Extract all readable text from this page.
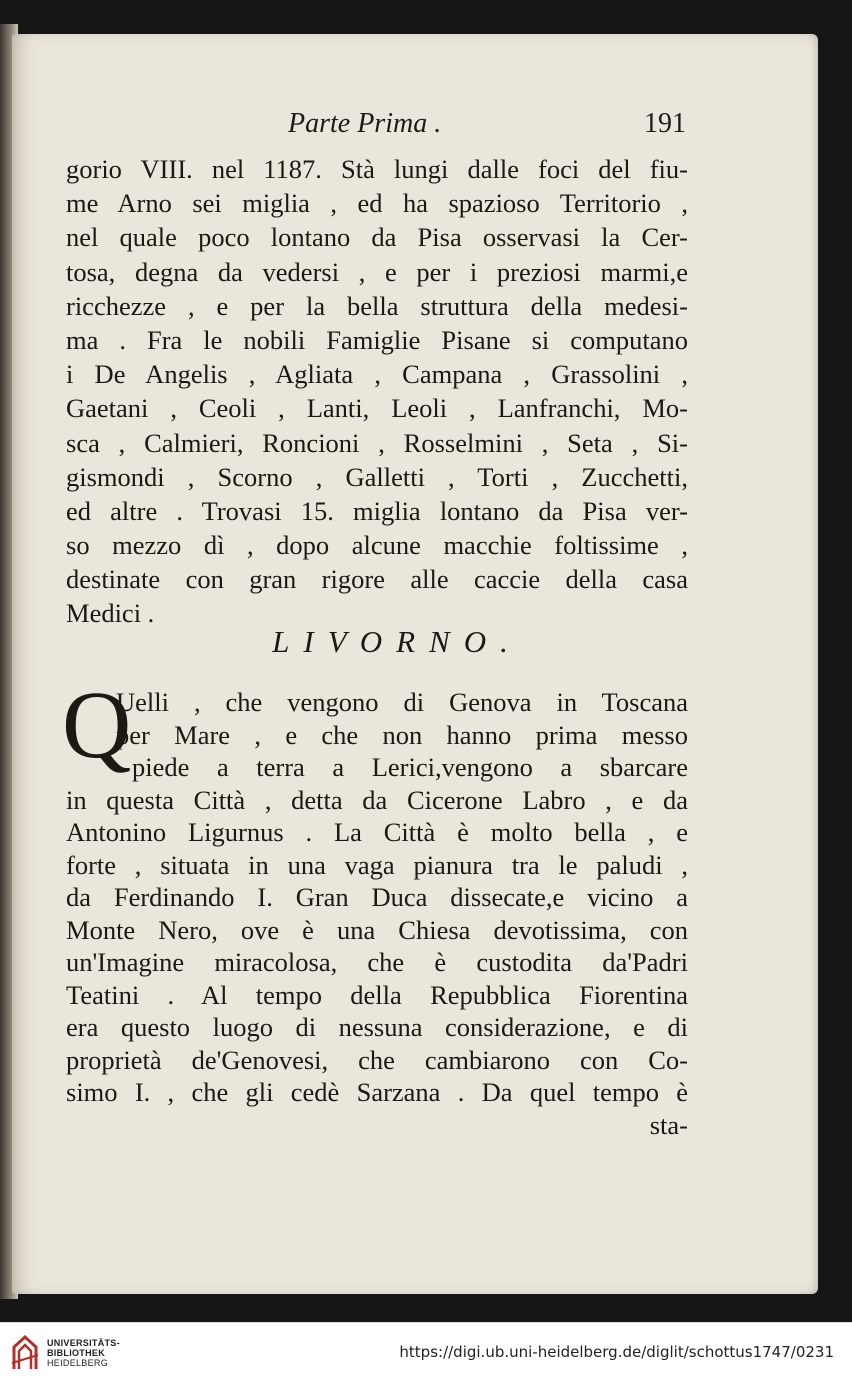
Parte Prima .	191
gorio VIII. nel 1187. Stà lungi dalle foci del fiu-
me Arno sei miglia , ed ha spazioso Territorio ,
nel quale poco lontano da Pisa osservasi la Cer-
tosa, degna da vedersi , e per i preziosi marmi,e
ricchezze , e per la bella struttura della medesi-
ma . Fra le nobili Famiglie Pisane si computano
i De Angelis , Agliata , Campana , Grassolini ,
Gaetani , Ceoli , Lanti, Leoli , Lanfranchi, Mo-
sca , Calmieri, Roncioni , Rosselmini , Seta , Si-
gismondi , Scorno , Galletti , Torti , Zucchetti,
ed altre . Trovasi 15. miglia lontano da Pisa ver-
so mezzo dì , dopo alcune macchie foltissime ,
destinate con gran rigore alle caccie della casa
Medici .
LIVORNO.
Q
Uelli , che vengono di Genova in Toscana
per Mare , e che non hanno prima messo
piede a terra a Lerici,vengono a sbarcare
in questa Città , detta da Cicerone Labro , e da
Antonino Ligurnus . La Città è molto bella , e
forte , situata in una vaga pianura tra le paludi ,
da Ferdinando I. Gran Duca dissecate,e vicino a
Monte Nero, ove è una Chiesa devotissima, con
un'Imagine miracolosa, che è custodita da'Padri
Teatini . Al tempo della Repubblica Fiorentina
era questo luogo di nessuna considerazione, e di
proprietà de'Genovesi, che cambiarono con Co-
simo I. , che gli cedè Sarzana . Da quel tempo è
sta-
UNIVERSITÄTS-
BIBLIOTHEK
HEIDELBERG
https://digi.ub.uni-heidelberg.de/diglit/schottus1747/0231
